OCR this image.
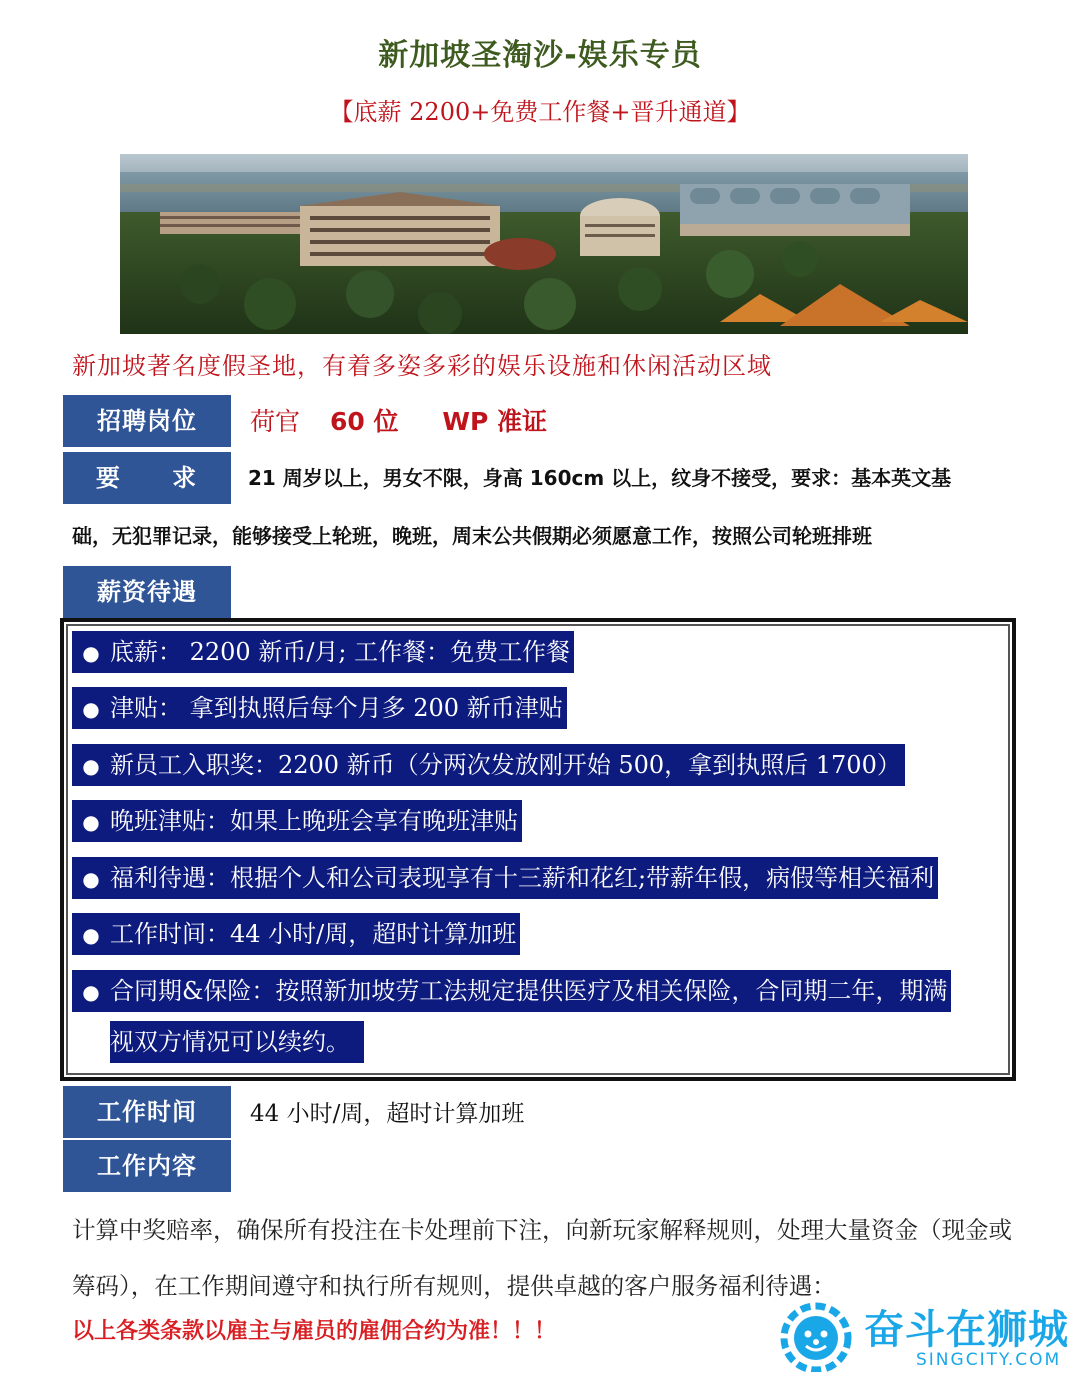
新加坡圣淘沙-娱乐专员
【底薪 2200+免费工作餐+晋升通道】
新加坡著名度假圣地，有着多姿多彩的娱乐设施和休闲活动区域
招聘岗位	荷官 60 位 WP 准证
要 求	21 周岁以上，男女不限，身高 160cm 以上，纹身不接受，要求：基本英文基
础，无犯罪记录，能够接受上轮班，晚班，周末公共假期必须愿意工作，按照公司轮班排班
薪资待遇
● 底薪： 2200 新币/月; 工作餐：免费工作餐
● 津贴： 拿到执照后每个月多 200 新币津贴
● 新员工入职奖：2200 新币（分两次发放刚开始 500，拿到执照后 1700）
● 晚班津贴：如果上晚班会享有晚班津贴
● 福利待遇：根据个人和公司表现享有十三薪和花红;带薪年假，病假等相关福利
● 工作时间：44 小时/周，超时计算加班
● 合同期&保险：按照新加坡劳工法规定提供医疗及相关保险，合同期二年，期满
视双方情况可以续约。
工作时间	44 小时/周，超时计算加班
工作内容
计算中奖赔率，确保所有投注在卡处理前下注，向新玩家解释规则，处理大量资金（现金或筹码），在工作期间遵守和执行所有规则，提供卓越的客户服务福利待遇：
以上各类条款以雇主与雇员的雇佣合约为准！！！	奋斗在狮城
SINGCITY.COM
